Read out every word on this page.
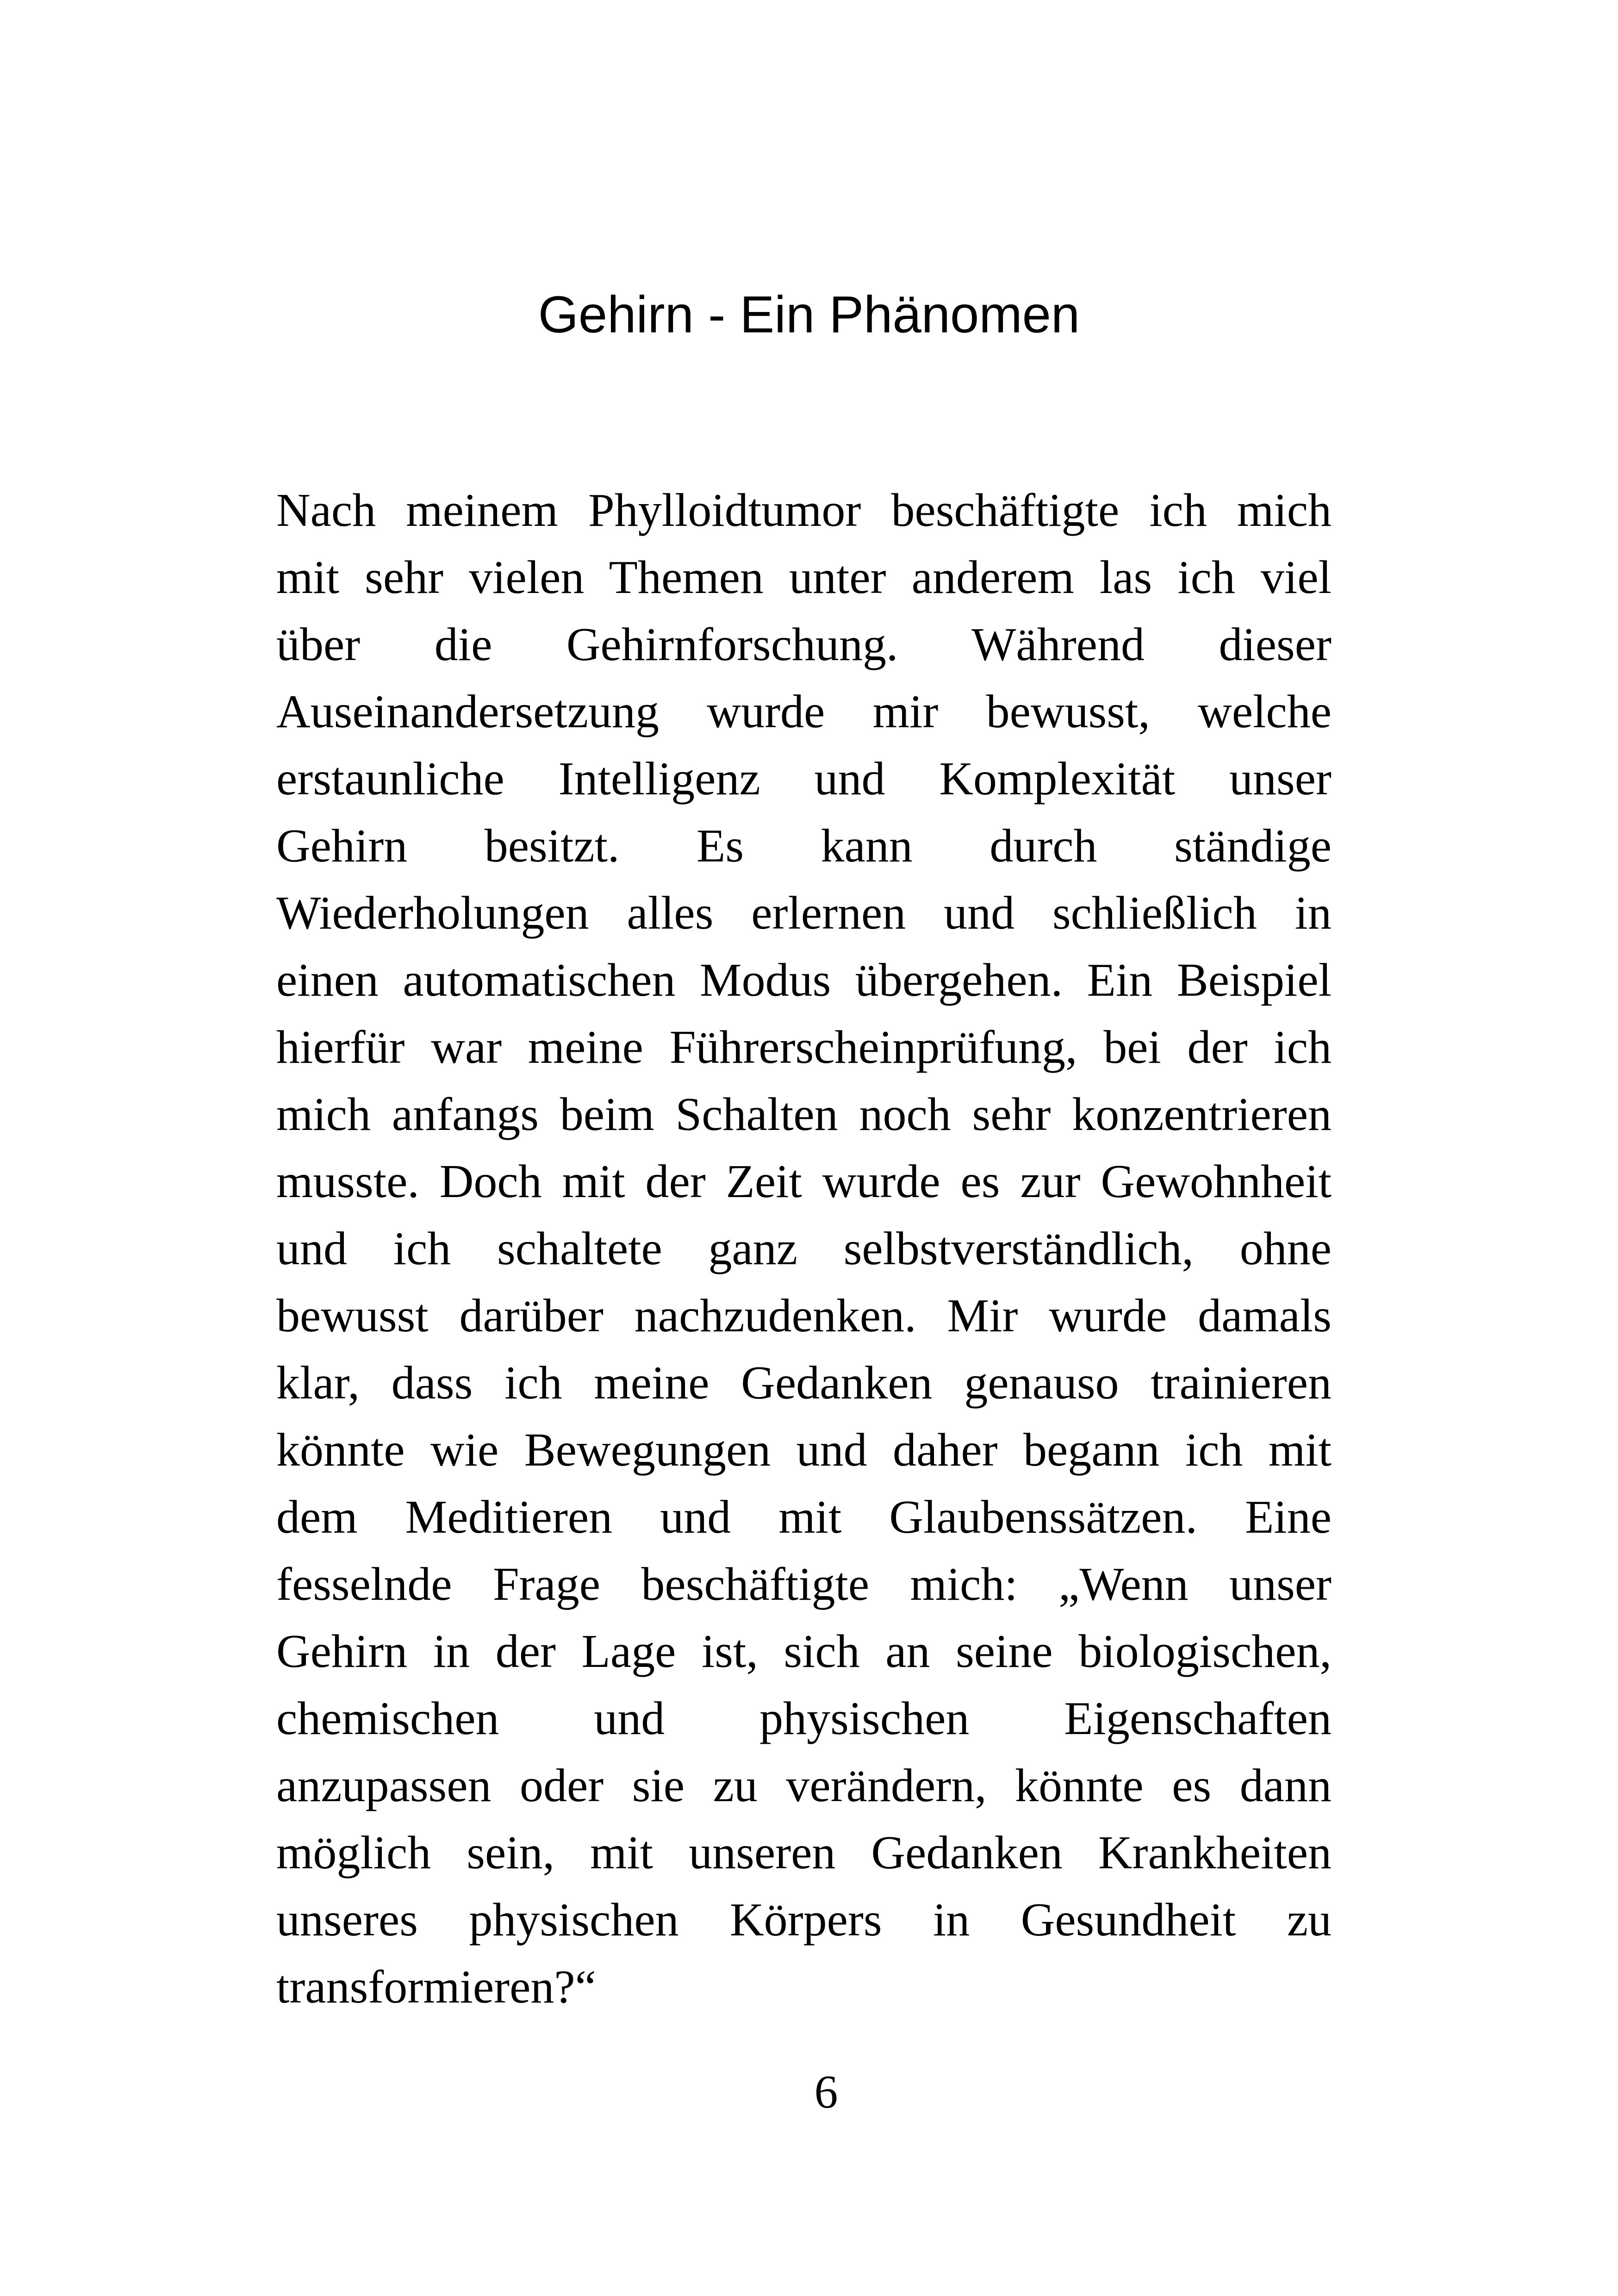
Gehirn - Ein Phänomen
Nach meinem Phylloidtumor beschäftigte ich mich
mit sehr vielen Themen unter anderem las ich viel
über die Gehirnforschung. Während dieser
Auseinandersetzung wurde mir bewusst, welche
erstaunliche Intelligenz und Komplexität unser
Gehirn besitzt. Es kann durch ständige
Wiederholungen alles erlernen und schließlich in
einen automatischen Modus übergehen. Ein Beispiel
hierfür war meine Führerscheinprüfung, bei der ich
mich anfangs beim Schalten noch sehr konzentrieren
musste. Doch mit der Zeit wurde es zur Gewohnheit
und ich schaltete ganz selbstverständlich, ohne
bewusst darüber nachzudenken. Mir wurde damals
klar, dass ich meine Gedanken genauso trainieren
könnte wie Bewegungen und daher begann ich mit
dem Meditieren und mit Glaubenssätzen. Eine
fesselnde Frage beschäftigte mich: „Wenn unser
Gehirn in der Lage ist, sich an seine biologischen,
chemischen und physischen Eigenschaften
anzupassen oder sie zu verändern, könnte es dann
möglich sein, mit unseren Gedanken Krankheiten
unseres physischen Körpers in Gesundheit zu
transformieren?“
6
